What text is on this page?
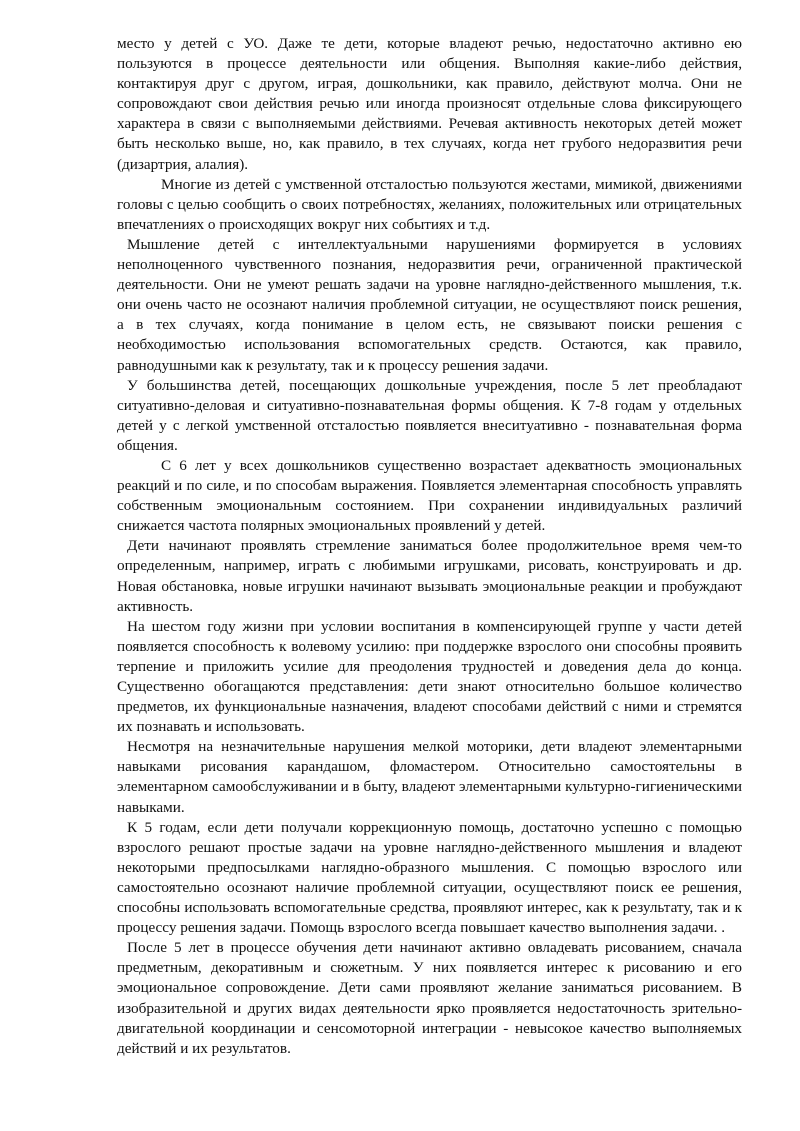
место у детей с УО. Даже те дети, которые владеют речью, недостаточно активно ею пользуются в процессе деятельности или общения. Выполняя какие-либо действия, контактируя друг с другом, играя, дошкольники, как правило, действуют молча. Они не сопровождают свои действия речью или иногда произносят отдельные слова фиксирующего характера в связи с выполняемыми действиями. Речевая активность некоторых детей может быть несколько выше, но, как правило, в тех случаях, когда нет грубого недоразвития речи (дизартрия, алалия).

Многие из детей с умственной отсталостью пользуются жестами, мимикой, движениями головы с целью сообщить о своих потребностях, желаниях, положительных или отрицательных впечатлениях о происходящих вокруг них событиях и т.д.

Мышление детей с интеллектуальными нарушениями формируется в условиях неполноценного чувственного познания, недоразвития речи, ограниченной практической деятельности. Они не умеют решать задачи на уровне наглядно-действенного мышления, т.к. они очень часто не осознают наличия проблемной ситуации, не осуществляют поиск решения, а в тех случаях, когда понимание в целом есть, не связывают поиски решения с необходимостью использования вспомогательных средств. Остаются, как правило, равнодушными как к результату, так и к процессу решения задачи.

У большинства детей, посещающих дошкольные учреждения, после 5 лет преобладают ситуативно-деловая и ситуативно-познавательная формы общения. К 7-8 годам у отдельных детей у с легкой умственной отсталостью появляется внеситуативно - познавательная форма общения.

С 6 лет у всех дошкольников существенно возрастает адекватность эмоциональных реакций и по силе, и по способам выражения. Появляется элементарная способность управлять собственным эмоциональным состоянием. При сохранении индивидуальных различий снижается частота полярных эмоциональных проявлений у детей.

Дети начинают проявлять стремление заниматься более продолжительное время чем-то определенным, например, играть с любимыми игрушками, рисовать, конструировать и др. Новая обстановка, новые игрушки начинают вызывать эмоциональные реакции и пробуждают активность.

На шестом году жизни при условии воспитания в компенсирующей группе у части детей появляется способность к волевому усилию: при поддержке взрослого они способны проявить терпение и приложить усилие для преодоления трудностей и доведения дела до конца. Существенно обогащаются представления: дети знают относительно большое количество предметов, их функциональные назначения, владеют способами действий с ними и стремятся их познавать и использовать.

Несмотря на незначительные нарушения мелкой моторики, дети владеют элементарными навыками рисования карандашом, фломастером. Относительно самостоятельны в элементарном самообслуживании и в быту, владеют элементарными культурно-гигиеническими навыками.

К 5 годам, если дети получали коррекционную помощь, достаточно успешно с помощью взрослого решают простые задачи на уровне наглядно-действенного мышления и владеют некоторыми предпосылками наглядно-образного мышления. С помощью взрослого или самостоятельно осознают наличие проблемной ситуации, осуществляют поиск ее решения, способны использовать вспомогательные средства, проявляют интерес, как к результату, так и к процессу решения задачи. Помощь взрослого всегда повышает качество выполнения задачи. .

После 5 лет в процессе обучения дети начинают активно овладевать рисованием, сначала предметным, декоративным и сюжетным. У них появляется интерес к рисованию и его эмоциональное сопровождение. Дети сами проявляют желание заниматься рисованием. В изобразительной и других видах деятельности ярко проявляется недостаточность зрительно-двигательной координации и сенсомоторной интеграции - невысокое качество выполняемых действий и их результатов.
